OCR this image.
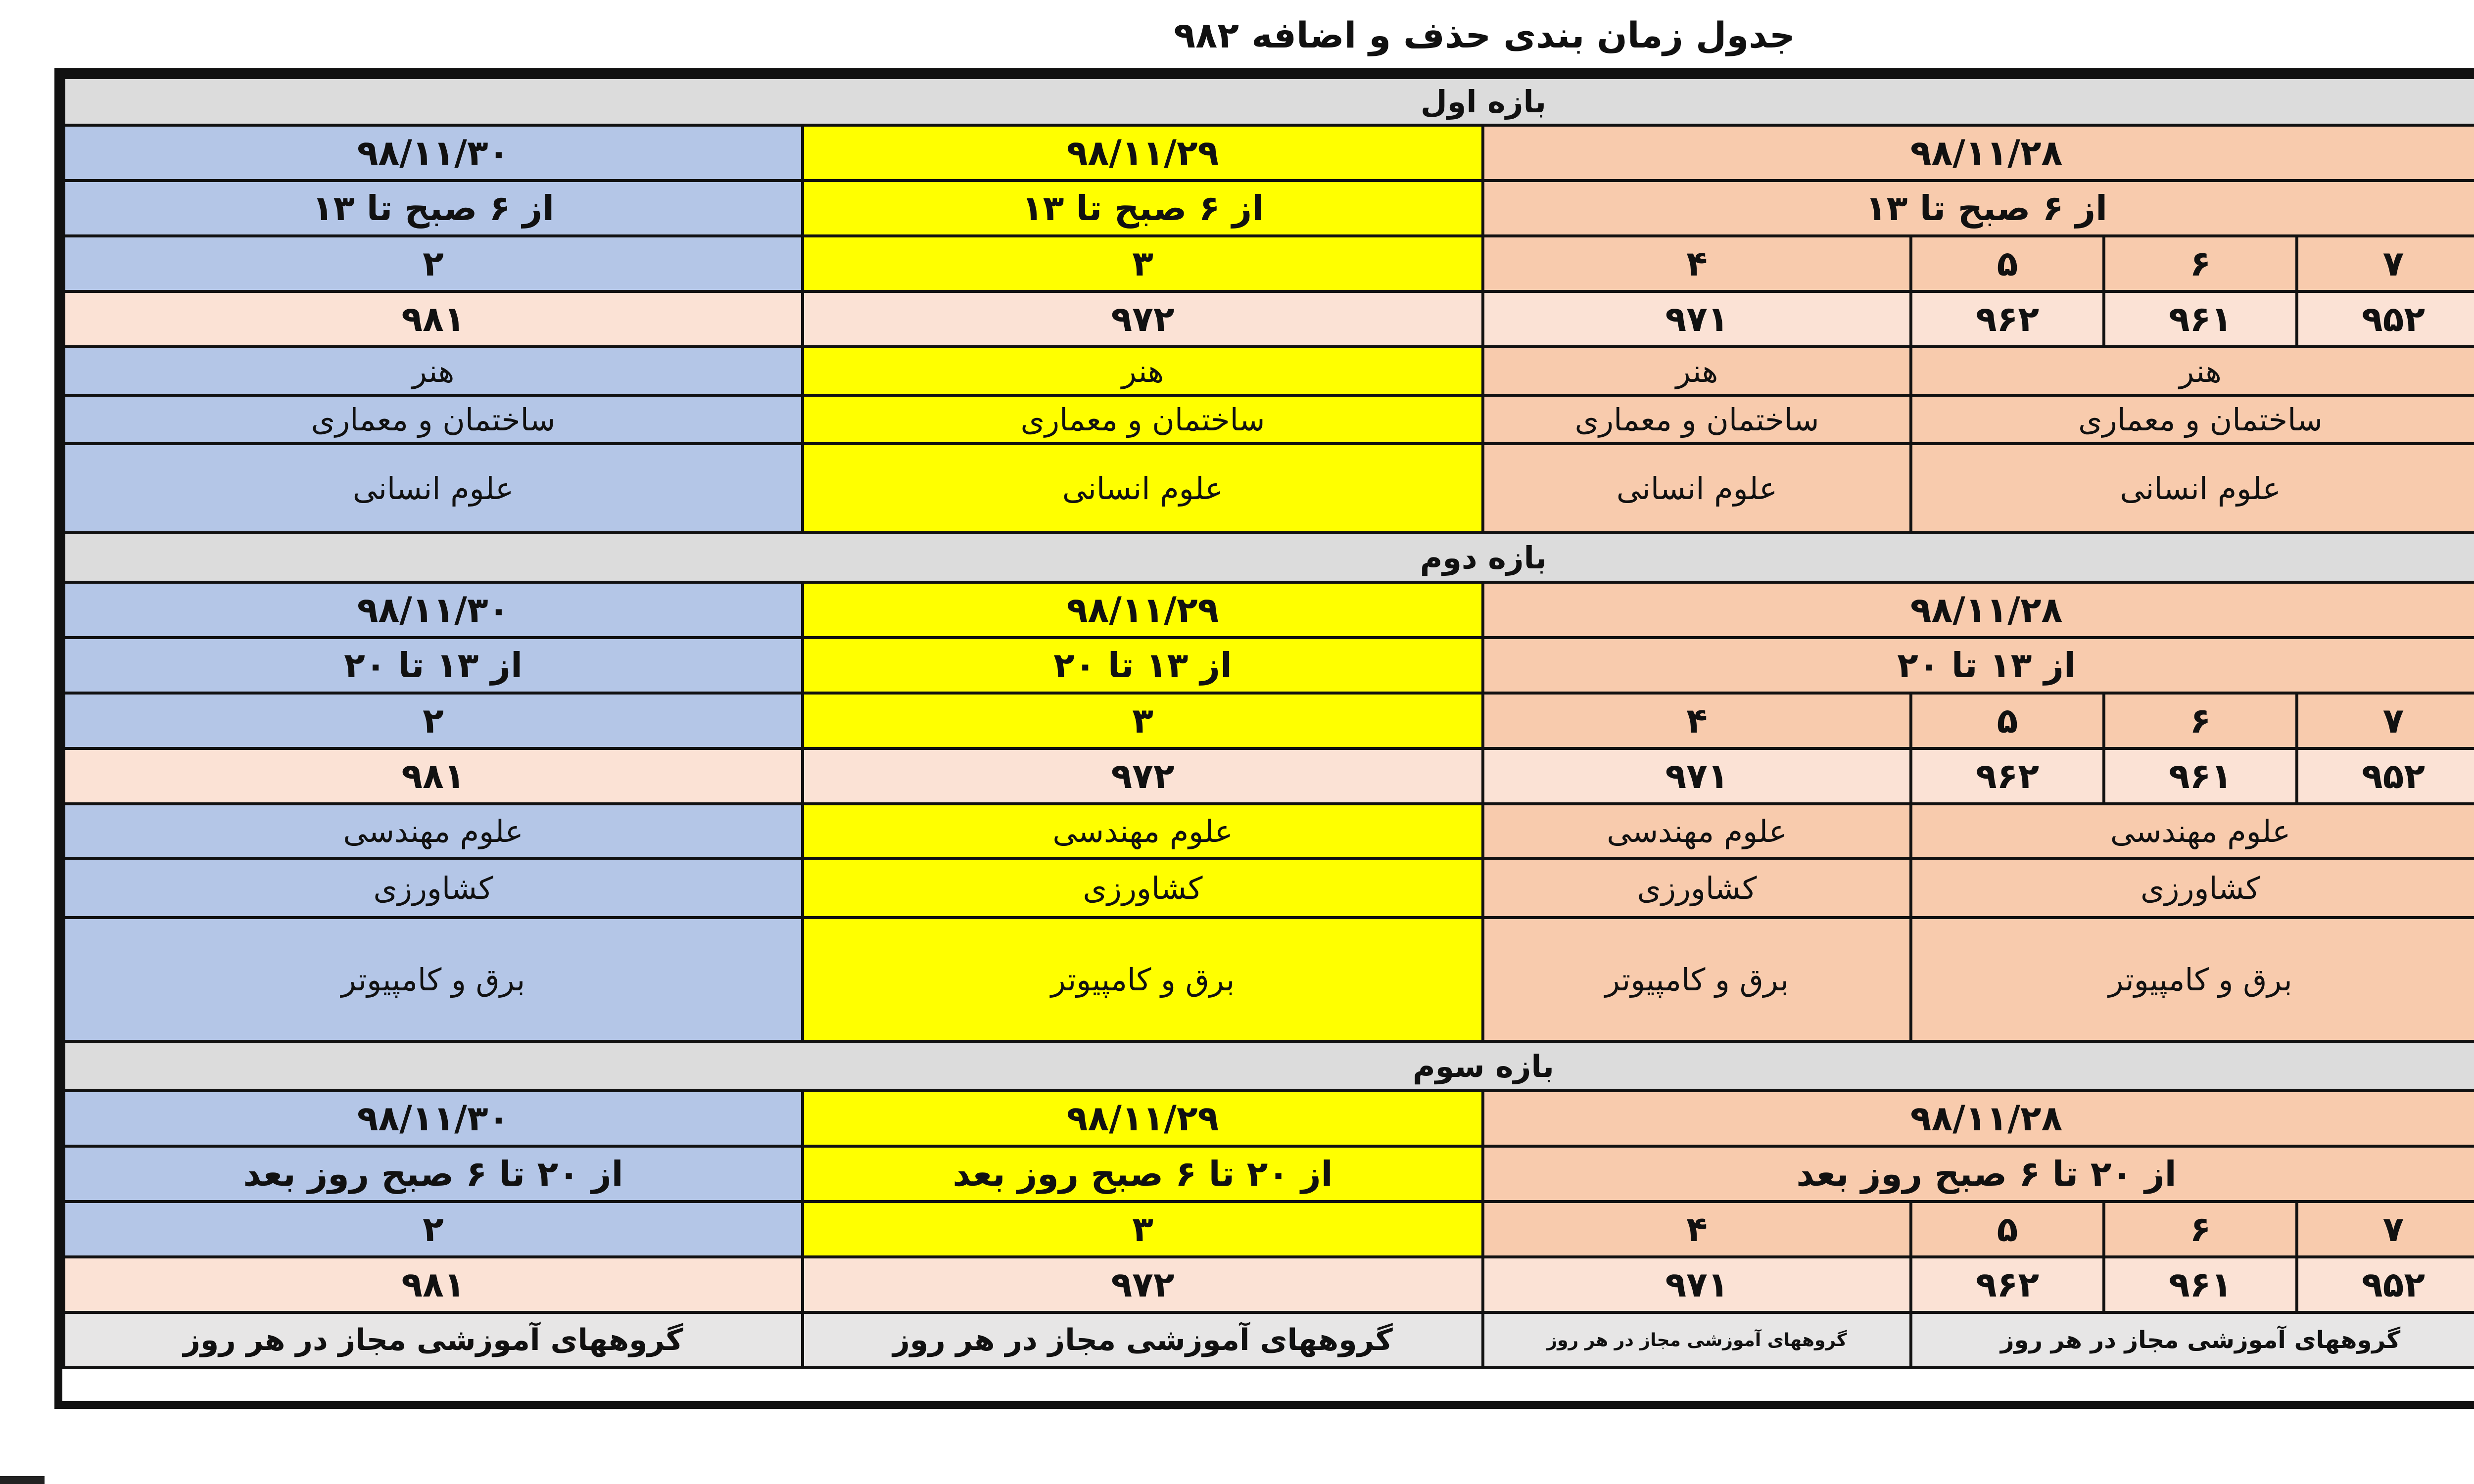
جدول زمان بندی حذف و اضافه ۹۸۲
بازه اول						
	۹۸/۱۱/۲۸				۹۸/۱۱/۲۹	۹۸/۱۱/۳۰
	از ۶ صبح تا ۱۳				از ۶ صبح تا ۱۳	از ۶ صبح تا ۱۳
	۷	۶	۵	۴	۳	۲
	۹۵۲	۹۶۱	۹۶۲	۹۷۱	۹۷۲	۹۸۱
	هنر			هنر	هنر	هنر
	ساختمان و معماری			ساختمان و معماری	ساختمان و معماری	ساختمان و معماری
	علوم انسانی			علوم انسانی	علوم انسانی	علوم انسانی
بازه دوم						
	۹۸/۱۱/۲۸				۹۸/۱۱/۲۹	۹۸/۱۱/۳۰
	از ۱۳ تا ۲۰				از ۱۳ تا ۲۰	از ۱۳ تا ۲۰
	۷	۶	۵	۴	۳	۲
	۹۵۲	۹۶۱	۹۶۲	۹۷۱	۹۷۲	۹۸۱
	علوم مهندسی			علوم مهندسی	علوم مهندسی	علوم مهندسی
	کشاورزی			کشاورزی	کشاورزی	کشاورزی
	برق و کامپیوتر			برق و کامپیوتر	برق و کامپیوتر	برق و کامپیوتر
بازه سوم						
	۹۸/۱۱/۲۸				۹۸/۱۱/۲۹	۹۸/۱۱/۳۰
	از ۲۰ تا ۶ صبح روز بعد				از ۲۰ تا ۶ صبح روز بعد	از ۲۰ تا ۶ صبح روز بعد
	۷	۶	۵	۴	۳	۲
	۹۵۲	۹۶۱	۹۶۲	۹۷۱	۹۷۲	۹۸۱
	گروههای آموزشی مجاز در هر روز			گروههای آموزشی مجاز در هر روز	گروههای آموزشی مجاز در هر روز	گروههای آموزشی مجاز در هر روز
